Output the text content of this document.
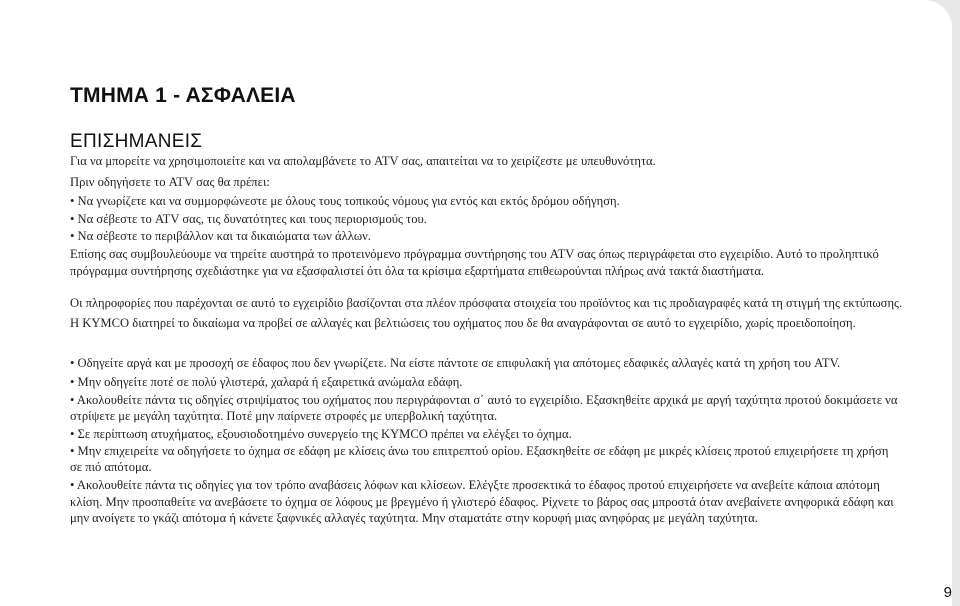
ΤΜΗΜΑ 1 - ΑΣΦΑΛΕΙΑ
ΕΠΙΣΗΜΑΝΕΙΣ
Για να μπορείτε να χρησιμοποιείτε και να απολαμβάνετε το ATV σας, απαιτείται να το χειρίζεστε με υπευθυνότητα.
Πριν οδηγήσετε το ATV σας θα πρέπει:
• Να γνωρίζετε και να συμμορφώνεστε με όλους τους τοπικούς νόμους για εντός και εκτός δρόμου οδήγηση.
• Να σέβεστε το ATV σας, τις δυνατότητες και τους περιορισμούς του.
• Να σέβεστε το περιβάλλον και τα δικαιώματα των άλλων.
Επίσης σας συμβουλεύουμε να τηρείτε αυστηρά το προτεινόμενο πρόγραμμα συντήρησης του ATV σας όπως περιγράφεται στο εγχειρίδιο. Αυτό το προληπτικό
πρόγραμμα συντήρησης σχεδιάστηκε για να εξασφαλιστεί ότι όλα τα κρίσιμα εξαρτήματα επιθεωρούνται πλήρως ανά τακτά διαστήματα.
Οι πληροφορίες που παρέχονται σε αυτό το εγχειρίδιο βασίζονται στα πλέον πρόσφατα στοιχεία του προϊόντος και τις προδιαγραφές κατά τη στιγμή της εκτύπωσης.
Η KYMCO διατηρεί το δικαίωμα να προβεί σε αλλαγές και βελτιώσεις του οχήματος που δε θα αναγράφονται σε αυτό το εγχειρίδιο, χωρίς προειδοποίηση.
• Οδηγείτε αργά και με προσοχή σε έδαφος που δεν γνωρίζετε. Να είστε πάντοτε σε επιφυλακή για απότομες εδαφικές αλλαγές κατά τη χρήση του ATV.
• Μην οδηγείτε ποτέ σε πολύ γλιστερά, χαλαρά ή εξαιρετικά ανώμαλα εδάφη.
• Ακολουθείτε πάντα τις οδηγίες στριψίματος του οχήματος που περιγράφονται σ΄ αυτό το εγχειρίδιο. Εξασκηθείτε αρχικά με αργή ταχύτητα προτού δοκιμάσετε να
στρίψετε με μεγάλη ταχύτητα. Ποτέ μην παίρνετε στροφές με υπερβολική ταχύτητα.
• Σε περίπτωση ατυχήματος, εξουσιοδοτημένο συνεργείο της KYMCO πρέπει να ελέγξει το όχημα.
• Μην επιχειρείτε να οδηγήσετε το όχημα σε εδάφη με κλίσεις άνω του επιτρεπτού ορίου. Εξασκηθείτε σε εδάφη με μικρές κλίσεις προτού επιχειρήσετε τη χρήση
σε πιό απότομα.
• Ακολουθείτε πάντα τις οδηγίες για τον τρόπο αναβάσεις λόφων και κλίσεων. Ελέγξτε προσεκτικά το έδαφος προτού επιχειρήσετε να ανεβείτε κάποια απότομη
κλίση. Μην προσπαθείτε να ανεβάσετε το όχημα σε λόφους με βρεγμένο ή γλιστερό έδαφος. Ρίχνετε το βάρος σας μπροστά όταν ανεβαίνετε ανηφορικά εδάφη και
μην ανοίγετε το γκάζι απότομα ή κάνετε ξαφνικές αλλαγές ταχύτητα. Μην σταματάτε στην κορυφή μιας ανηφόρας με μεγάλη ταχύτητα.
9
